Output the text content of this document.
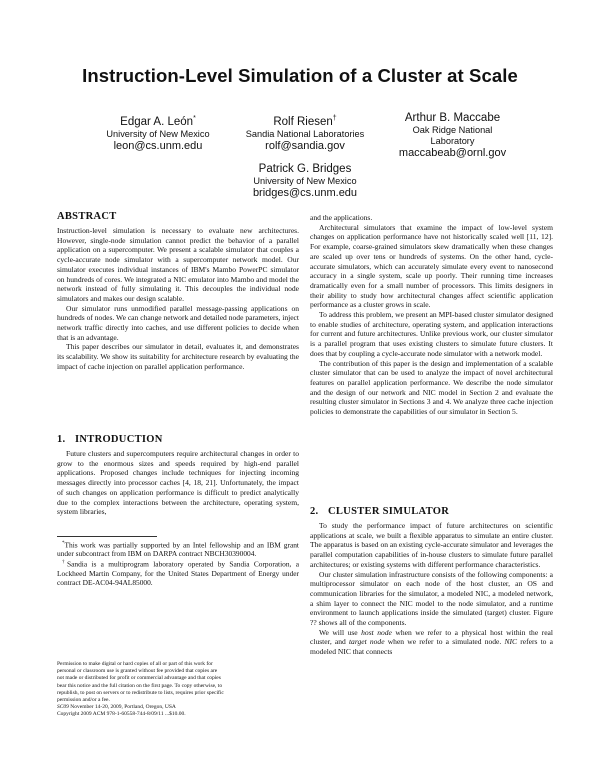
Instruction-Level Simulation of a Cluster at Scale
Edgar A. León*
University of New Mexico
leon@cs.unm.edu
Rolf Riesen†
Sandia National Laboratories
rolf@sandia.gov
Arthur B. Maccabe
Oak Ridge National
Laboratory
maccabeab@ornl.gov
Patrick G. Bridges
University of New Mexico
bridges@cs.unm.edu
ABSTRACT

Instruction-level simulation is necessary to evaluate new architectures. However, single-node simulation cannot predict the behavior of a parallel application on a supercomputer. We present a scalable simulator that couples a cycle-accurate node simulator with a supercomputer network model. Our simulator executes individual instances of IBM's Mambo PowerPC simulator on hundreds of cores. We integrated a NIC emulator into Mambo and model the network instead of fully simulating it. This decouples the individual node simulators and makes our design scalable.

Our simulator runs unmodified parallel message-passing applications on hundreds of nodes. We can change network and detailed node parameters, inject network traffic directly into caches, and use different policies to decide when that is an advantage.

This paper describes our simulator in detail, evaluates it, and demonstrates its scalability. We show its suitability for architecture research by evaluating the impact of cache injection on parallel application performance.

1. INTRODUCTION

Future clusters and supercomputers require architectural changes in order to grow to the enormous sizes and speeds required by high-end parallel applications. Proposed changes include techniques for injecting incoming messages directly into processor caches [4, 18, 21]. Unfortunately, the impact of such changes on application performance is difficult to predict analytically due to the complex interactions between the architecture, operating system, system libraries,

*This work was partially supported by an Intel fellowship and an IBM grant under subcontract from IBM on DARPA contract NBCH30390004.

†Sandia is a multiprogram laboratory operated by Sandia Corporation, a Lockheed Martin Company, for the United States Department of Energy under contract DE-AC04-94AL85000.

Permission to make digital or hard copies of all or part of this work for
personal or classroom use is granted without fee provided that copies are
not made or distributed for profit or commercial advantage and that copies
bear this notice and the full citation on the first page. To copy otherwise, to
republish, to post on servers or to redistribute to lists, requires prior specific
permission and/or a fee.
SC09 November 14-20, 2009, Portland, Oregon, USA
Copyright 2009 ACM 978-1-60558-744-8/09/11 ...$10.00.

and the applications.

Architectural simulators that examine the impact of low-level system changes on application performance have not historically scaled well [11, 12]. For example, coarse-grained simulators skew dramatically when these changes are scaled up over tens or hundreds of systems. On the other hand, cycle-accurate simulators, which can accurately simulate every event to nanosecond accuracy in a single system, scale up poorly. Their running time increases dramatically even for a small number of processors. This limits designers in their ability to study how architectural changes affect scientific application performance as a cluster grows in scale.

To address this problem, we present an MPI-based cluster simulator designed to enable studies of architecture, operating system, and application interactions for current and future architectures. Unlike previous work, our cluster simulator is a parallel program that uses existing clusters to simulate future clusters. It does that by coupling a cycle-accurate node simulator with a network model.

The contribution of this paper is the design and implementation of a scalable cluster simulator that can be used to analyze the impact of novel architectural features on parallel application performance. We describe the node simulator and the design of our network and NIC model in Section 2 and evaluate the resulting cluster simulator in Sections 3 and 4. We analyze three cache injection policies to demonstrate the capabilities of our simulator in Section 5.

2. CLUSTER SIMULATOR

To study the performance impact of future architectures on scientific applications at scale, we built a flexible apparatus to simulate an entire cluster. The apparatus is based on an existing cycle-accurate simulator and leverages the parallel computation capabilities of in-house clusters to simulate future parallel architectures; or existing systems with different performance characteristics.

Our cluster simulation infrastructure consists of the following components: a multiprocessor simulator on each node of the host cluster, an OS and communication libraries for the simulator, a modeled NIC, a modeled network, a shim layer to connect the NIC model to the node simulator, and a runtime environment to launch applications inside the simulated (target) cluster. Figure ?? shows all of the components.

We will use host node when we refer to a physical host within the real cluster, and target node when we refer to a simulated node. NIC refers to a modeled NIC that connects
